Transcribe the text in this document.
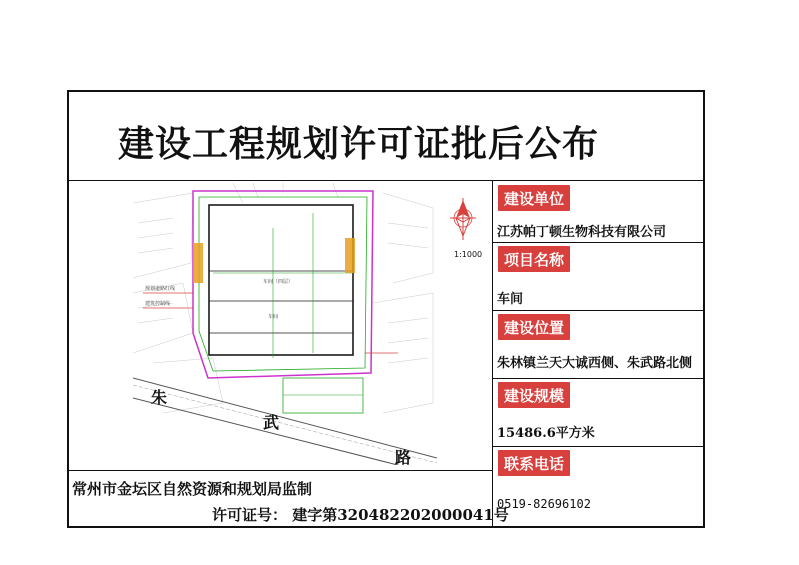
建设工程规划许可证批后公布
建设单位
江苏帕丁顿生物科技有限公司
项目名称
车间
建设位置
朱林镇兰天大诚西侧、朱武路北侧
建设规模
15486.6平方米
联系电话
0519-82696102
常州市金坛区自然资源和规划局监制
许可证号： 建字第320482202000041号
1:1000
车间（四层）
车间
规划道路红线
建筑控制线
朱
武
路
